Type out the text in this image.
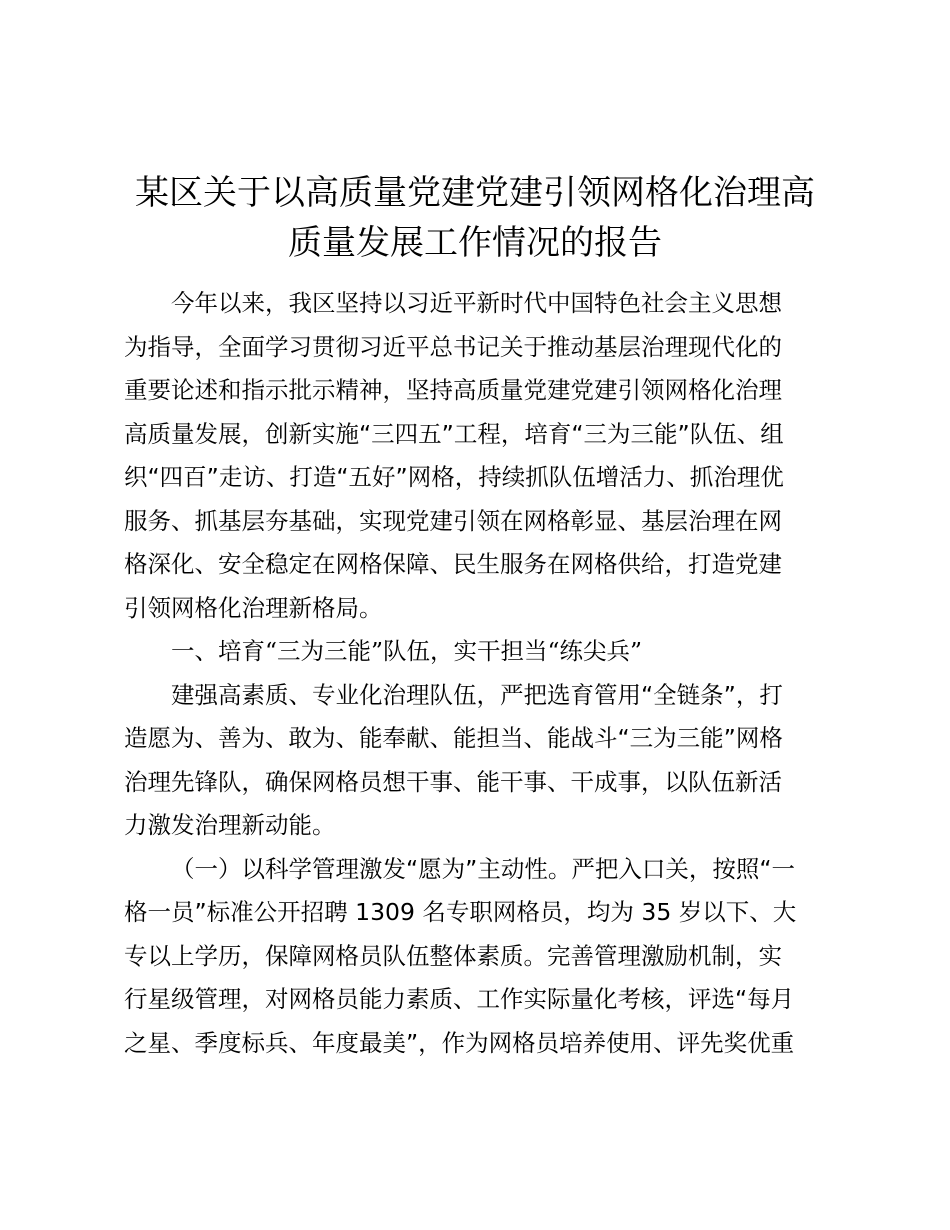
某区关于以高质量党建党建引领网格化治理高
质量发展工作情况的报告
今年以来，我区坚持以习近平新时代中国特色社会主义思想
为指导，全面学习贯彻习近平总书记关于推动基层治理现代化的
重要论述和指示批示精神，坚持高质量党建党建引领网格化治理
高质量发展，创新实施“三四五”工程，培育“三为三能”队伍、组
织“四百”走访、打造“五好”网格，持续抓队伍增活力、抓治理优
服务、抓基层夯基础，实现党建引领在网格彰显、基层治理在网
格深化、安全稳定在网格保障、民生服务在网格供给，打造党建
引领网格化治理新格局。
一、培育“三为三能”队伍，实干担当“练尖兵”
建强高素质、专业化治理队伍，严把选育管用“全链条”，打
造愿为、善为、敢为、能奉献、能担当、能战斗“三为三能”网格
治理先锋队，确保网格员想干事、能干事、干成事，以队伍新活
力激发治理新动能。
（一）以科学管理激发“愿为”主动性。严把入口关，按照“一
格一员”标准公开招聘 1309 名专职网格员，均为 35 岁以下、大
专以上学历，保障网格员队伍整体素质。完善管理激励机制，实
行星级管理，对网格员能力素质、工作实际量化考核，评选“每月
之星、季度标兵、年度最美”，作为网格员培养使用、评先奖优重
